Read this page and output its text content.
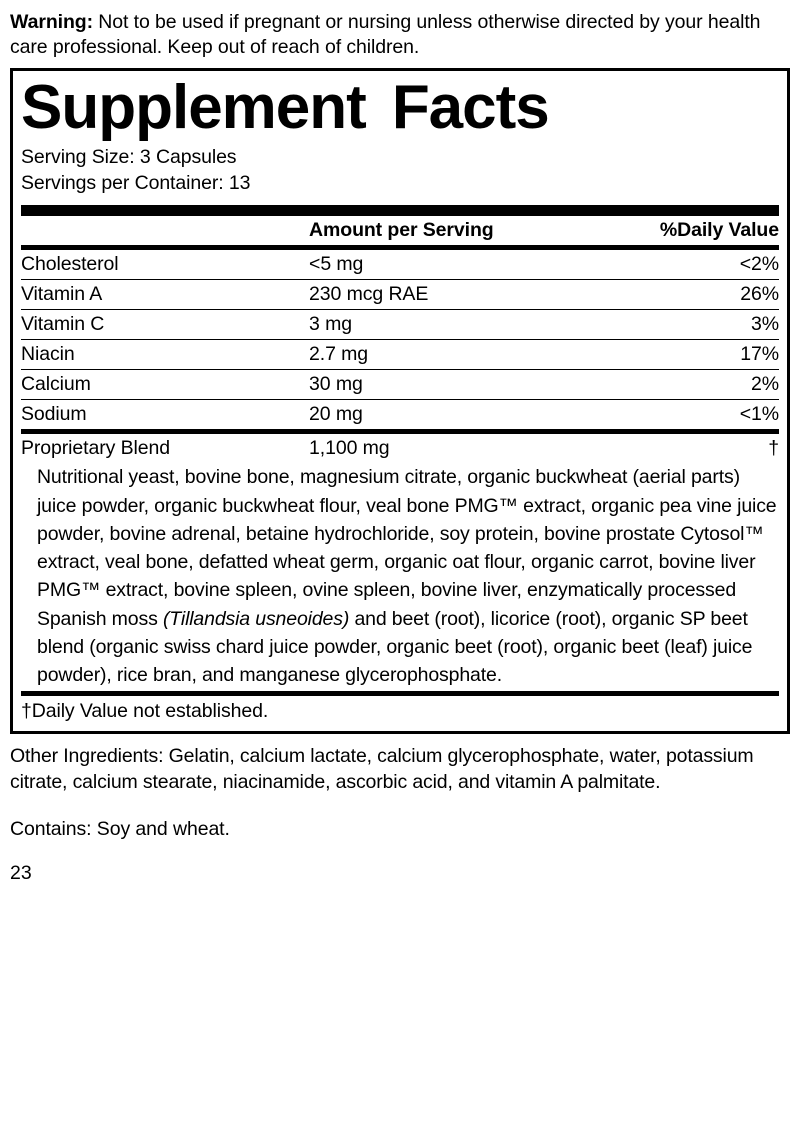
Warning: Not to be used if pregnant or nursing unless otherwise directed by your health care professional. Keep out of reach of children.

Supplement Facts
Serving Size: 3 Capsules
Servings per Container: 13
	Amount per Serving	%Daily Value
Cholesterol	<5 mg	<2%
Vitamin A	230 mcg RAE	26%
Vitamin C	3 mg	3%
Niacin	2.7 mg	17%
Calcium	30 mg	2%
Sodium	20 mg	<1%
Proprietary Blend	1,100 mg	†
Nutritional yeast, bovine bone, magnesium citrate, organic buckwheat (aerial parts) juice powder, organic buckwheat flour, veal bone PMG™ extract, organic pea vine juice powder, bovine adrenal, betaine hydrochloride, soy protein, bovine prostate Cytosol™ extract, veal bone, defatted wheat germ, organic oat flour, organic carrot, bovine liver PMG™ extract, bovine spleen, ovine spleen, bovine liver, enzymatically processed Spanish moss (Tillandsia usneoides) and beet (root), licorice (root), organic SP beet blend (organic swiss chard juice powder, organic beet (root), organic beet (leaf) juice powder), rice bran, and manganese glycerophosphate.
†Daily Value not established.

Other Ingredients: Gelatin, calcium lactate, calcium glycerophosphate, water, potassium citrate, calcium stearate, niacinamide, ascorbic acid, and vitamin A palmitate.

Contains: Soy and wheat.

23
